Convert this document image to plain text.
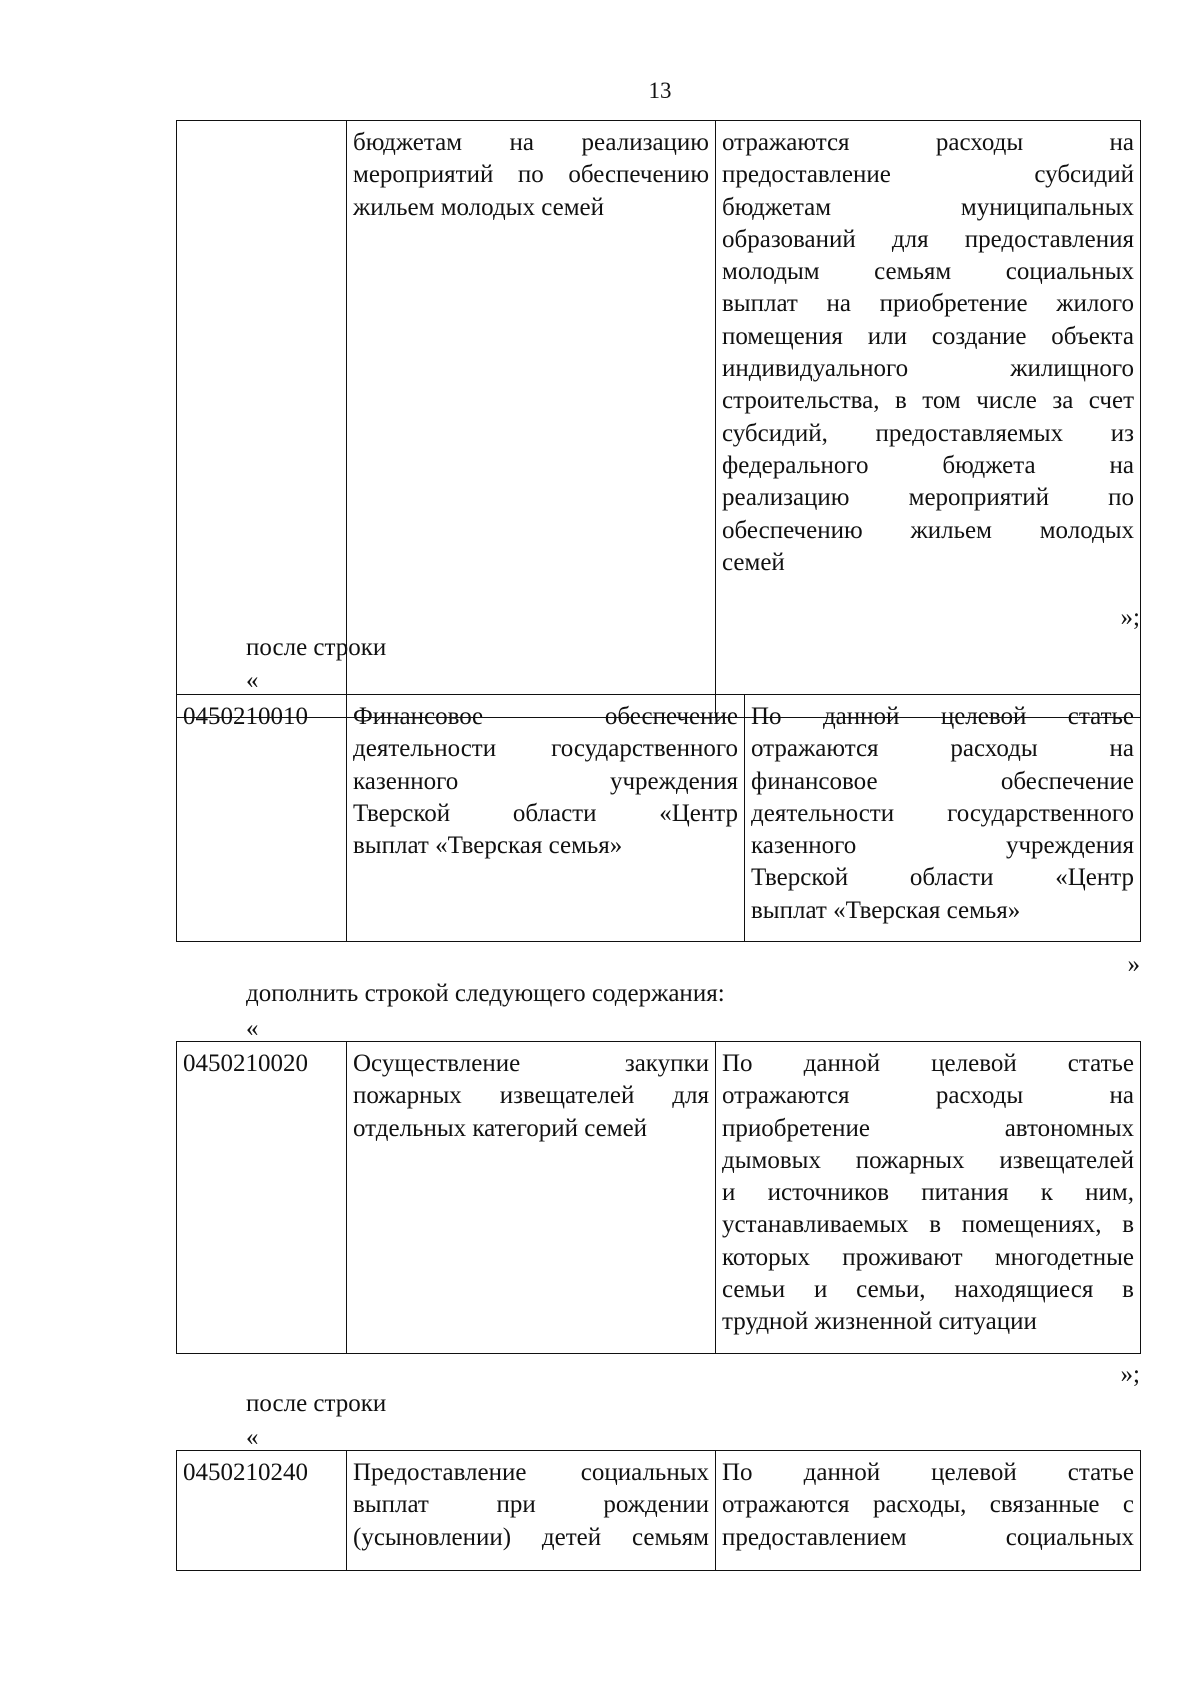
13

бюджетам на реализацию
мероприятий по обеспечению
жильем молодых семей

отражаются расходы на
предоставление субсидий
бюджетам муниципальных
образований для предоставления
молодым семьям социальных
выплат на приобретение жилого
помещения или создание объекта
индивидуального жилищного
строительства, в том числе за счет
субсидий, предоставляемых из
федерального бюджета на
реализацию мероприятий по
обеспечению жильем молодых
семей
»;
после строки
«
0450210010	Финансовое обеспечение
деятельности государственного
казенного учреждения
Тверской области «Центр
выплат «Тверская семья»

По данной целевой статье
отражаются расходы на
финансовое обеспечение
деятельности государственного
казенного учреждения
Тверской области «Центр
выплат «Тверская семья»
»
дополнить строкой следующего содержания:
«
0450210020	Осуществление закупки
пожарных извещателей для
отдельных категорий семей

По данной целевой статье
отражаются расходы на
приобретение автономных
дымовых пожарных извещателей
и источников питания к ним,
устанавливаемых в помещениях, в
которых проживают многодетные
семьи и семьи, находящиеся в
трудной жизненной ситуации
»;
после строки
«
0450210240	Предоставление социальных
выплат при рождении
(усыновлении) детей семьям

По данной целевой статье
отражаются расходы, связанные с
предоставлением социальных
